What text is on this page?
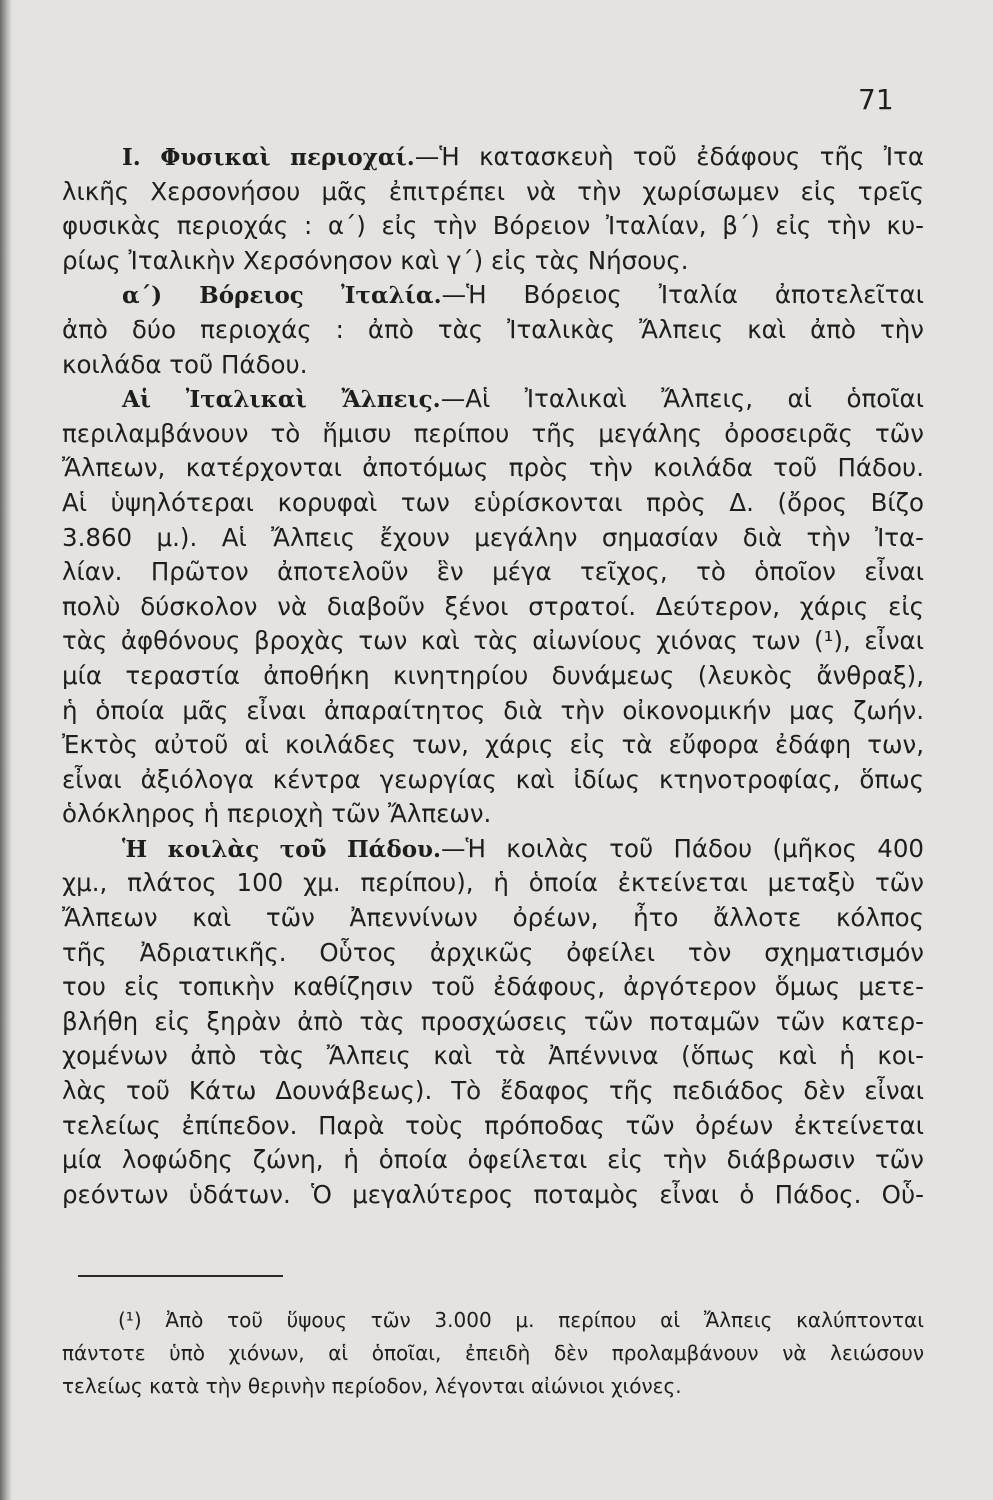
71
Ι. Φυσικαὶ περιοχαί.—Ἡ κατασκευὴ τοῦ ἐδάφους τῆς Ἰτα
λικῆς Χερσονήσου μᾶς ἐπιτρέπει νὰ τὴν χωρίσωμεν εἰς τρεῖς
φυσικὰς περιοχάς : α΄) εἰς τὴν Βόρειον Ἰταλίαν, β΄) εἰς τὴν κυ-
ρίως Ἰταλικὴν Χερσόνησον καὶ γ΄) εἰς τὰς Νήσους.
α΄) Βόρειος Ἰταλία.—Ἡ Βόρειος Ἰταλία ἀποτελεῖται
ἀπὸ δύο περιοχάς : ἀπὸ τὰς Ἰταλικὰς Ἄλπεις καὶ ἀπὸ τὴν
κοιλάδα τοῦ Πάδου.
Αἱ Ἰταλικαὶ Ἄλπεις.—Αἱ Ἰταλικαὶ Ἄλπεις, αἱ ὁποῖαι
περιλαμβάνουν τὸ ἥμισυ περίπου τῆς μεγάλης ὀροσειρᾶς τῶν
Ἄλπεων, κατέρχονται ἀποτόμως πρὸς τὴν κοιλάδα τοῦ Πάδου.
Αἱ ὑψηλότεραι κορυφαὶ των εὑρίσκονται πρὸς Δ. (ὄρος Βίζο
3.860 μ.). Αἱ Ἄλπεις ἔχουν μεγάλην σημασίαν διὰ τὴν Ἰτα-
λίαν. Πρῶτον ἀποτελοῦν ἓν μέγα τεῖχος, τὸ ὁποῖον εἶναι
πολὺ δύσκολον νὰ διαβοῦν ξένοι στρατοί. Δεύτερον, χάρις εἰς
τὰς ἀφθόνους βροχὰς των καὶ τὰς αἰωνίους χιόνας των (¹), εἶναι
μία τεραστία ἀποθήκη κινητηρίου δυνάμεως (λευκὸς ἄνθραξ),
ἡ ὁποία μᾶς εἶναι ἀπαραίτητος διὰ τὴν οἰκονομικήν μας ζωήν.
Ἐκτὸς αὐτοῦ αἱ κοιλάδες των, χάρις εἰς τὰ εὔφορα ἐδάφη των,
εἶναι ἀξιόλογα κέντρα γεωργίας καὶ ἰδίως κτηνοτροφίας, ὅπως
ὁλόκληρος ἡ περιοχὴ τῶν Ἄλπεων.
Ἡ κοιλὰς τοῦ Πάδου.—Ἡ κοιλὰς τοῦ Πάδου (μῆκος 400
χμ., πλάτος 100 χμ. περίπου), ἡ ὁποία ἐκτείνεται μεταξὺ τῶν
Ἄλπεων καὶ τῶν Ἀπεννίνων ὀρέων, ἦτο ἄλλοτε κόλπος
τῆς Ἀδριατικῆς. Οὗτος ἀρχικῶς ὀφείλει τὸν σχηματισμόν
του εἰς τοπικὴν καθίζησιν τοῦ ἐδάφους, ἀργότερον ὅμως μετε-
βλήθη εἰς ξηρὰν ἀπὸ τὰς προσχώσεις τῶν ποταμῶν τῶν κατερ-
χομένων ἀπὸ τὰς Ἄλπεις καὶ τὰ Ἀπέννινα (ὅπως καὶ ἡ κοι-
λὰς τοῦ Κάτω Δουνάβεως). Τὸ ἔδαφος τῆς πεδιάδος δὲν εἶναι
τελείως ἐπίπεδον. Παρὰ τοὺς πρόποδας τῶν ὀρέων ἐκτείνεται
μία λοφώδης ζώνη, ἡ ὁποία ὀφείλεται εἰς τὴν διάβρωσιν τῶν
ρεόντων ὑδάτων. Ὁ μεγαλύτερος ποταμὸς εἶναι ὁ Πάδος. Οὗ-
(¹) Ἀπὸ τοῦ ὕψους τῶν 3.000 μ. περίπου αἱ Ἄλπεις καλύπτονται
πάντοτε ὑπὸ χιόνων, αἱ ὁποῖαι, ἐπειδὴ δὲν προλαμβάνουν νὰ λειώσουν
τελείως κατὰ τὴν θερινὴν περίοδον, λέγονται αἰώνιοι χιόνες.
